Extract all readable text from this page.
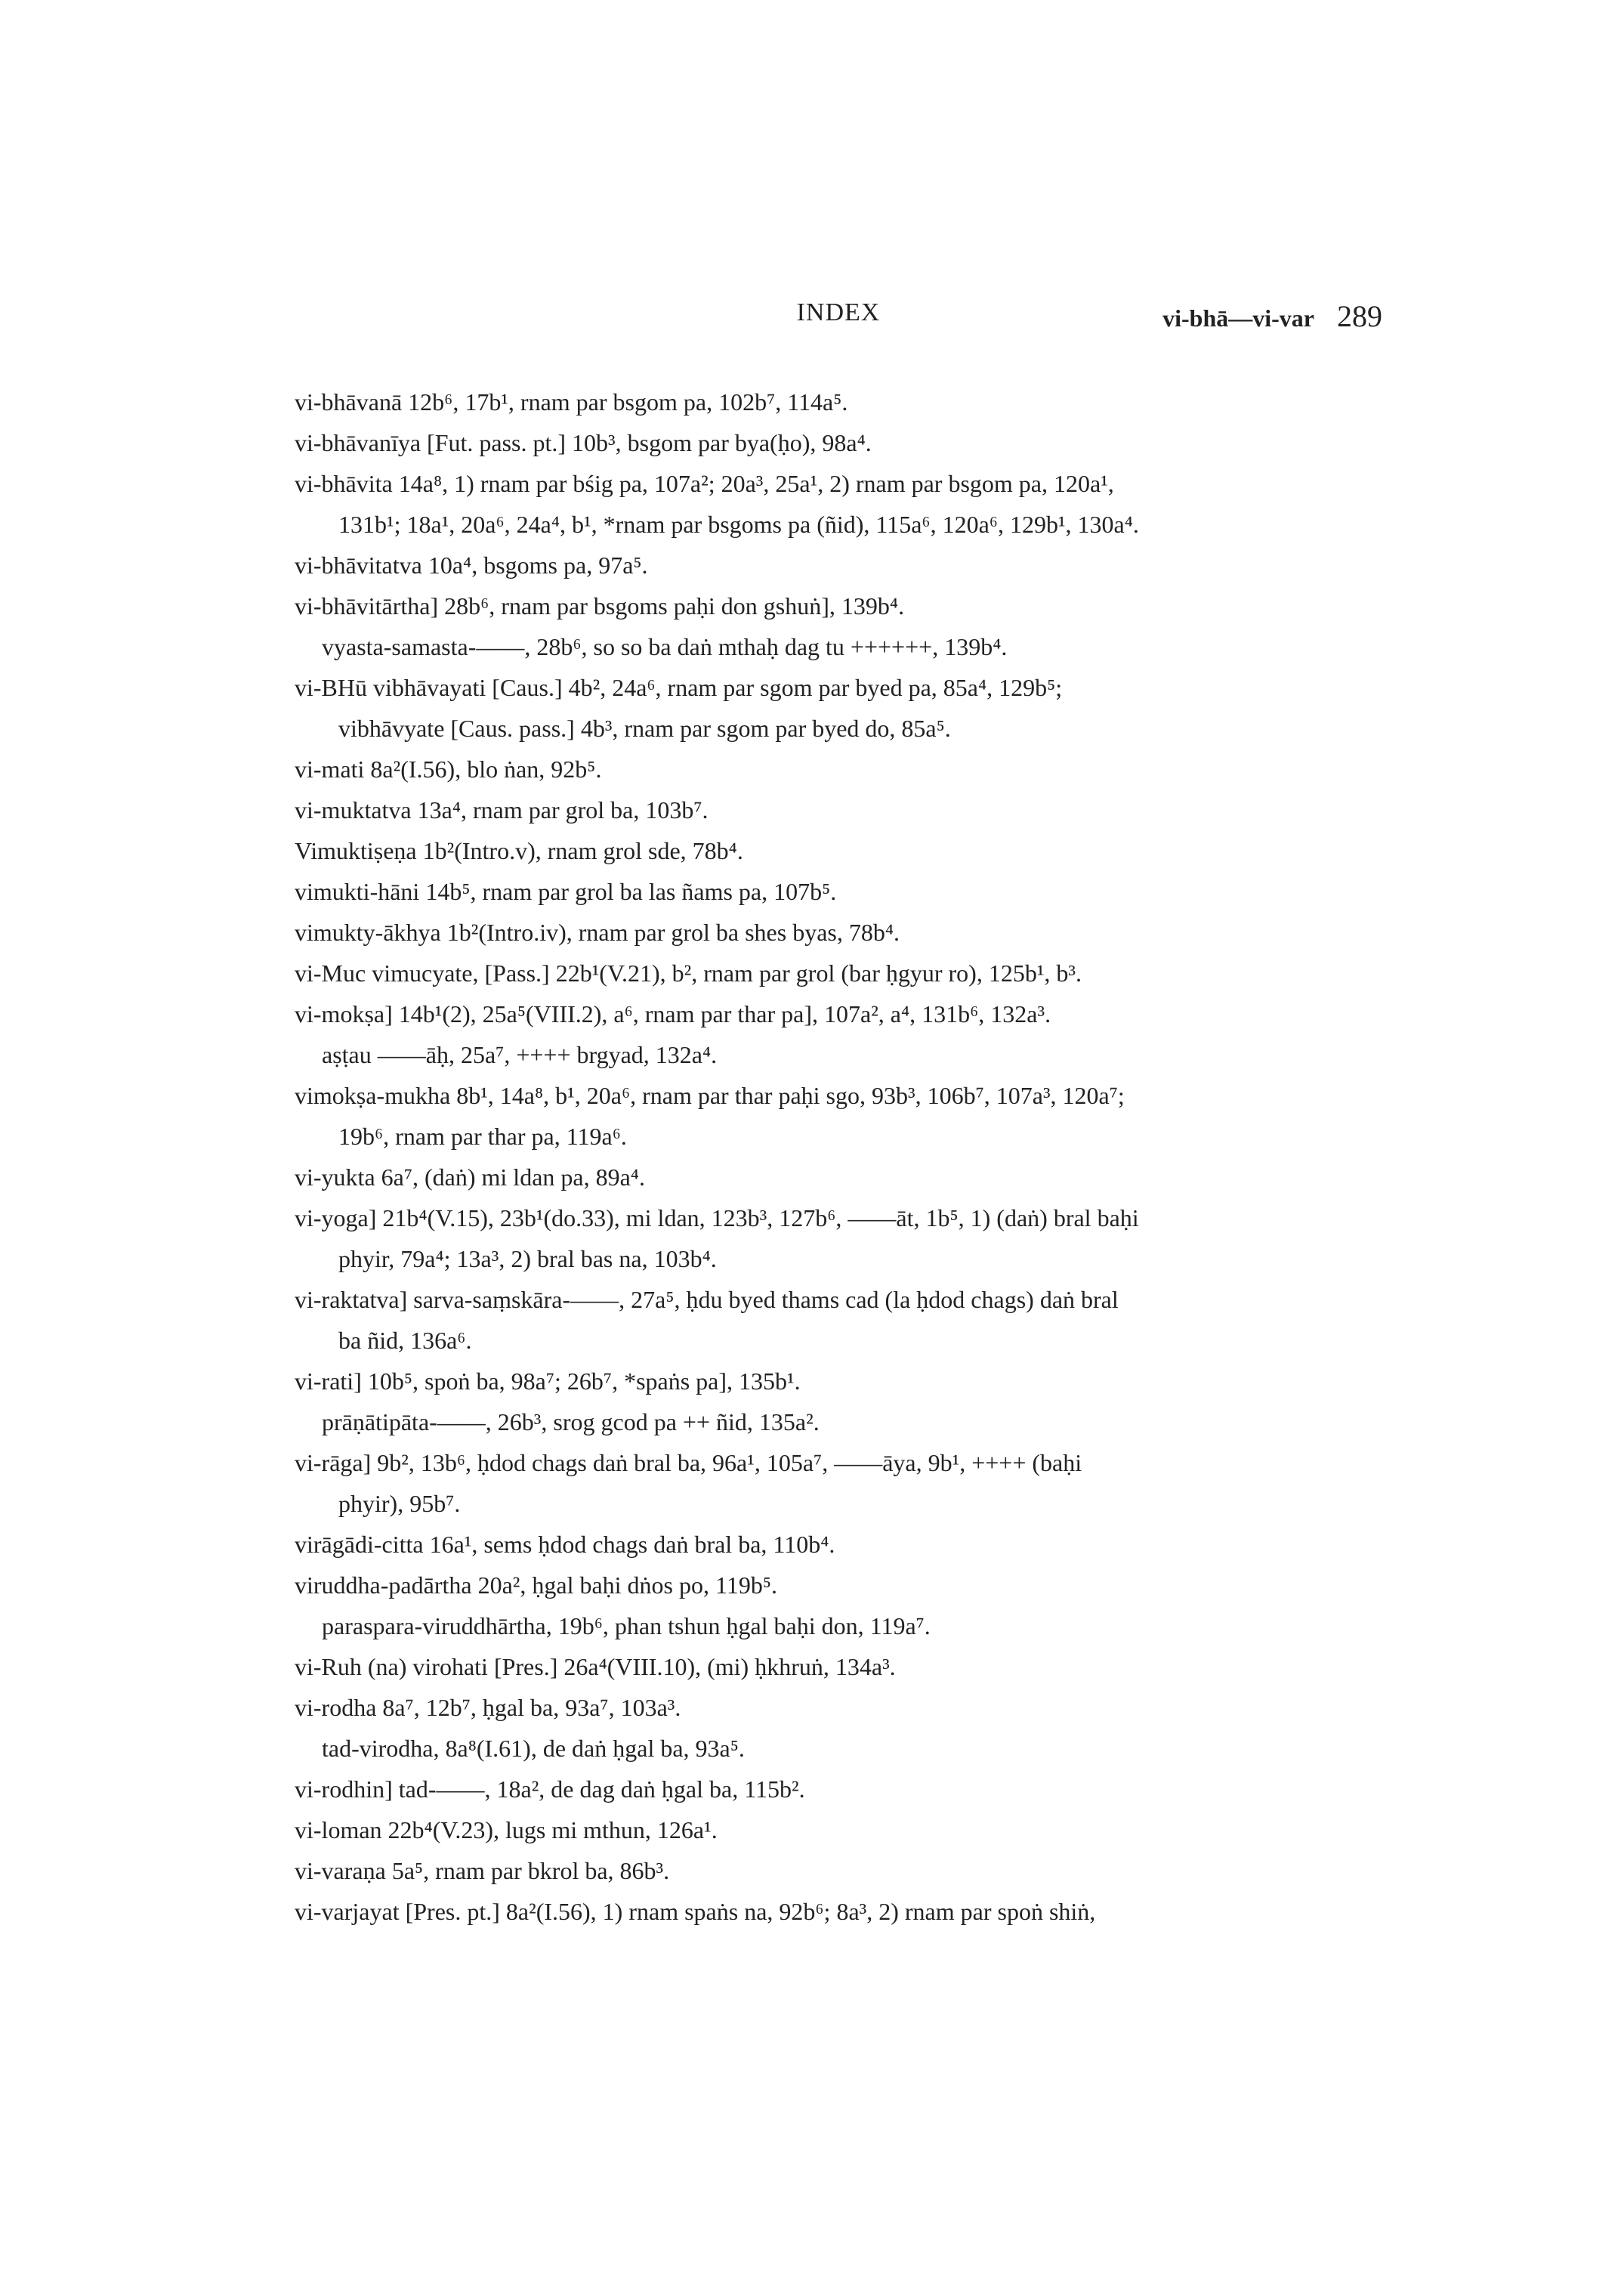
INDEX	vi-bhā—vi-var 289
vi-bhāvanā 12b⁶, 17b¹, rnam par bsgom pa, 102b⁷, 114a⁵.
vi-bhāvanīya [Fut. pass. pt.] 10b³, bsgom par bya(ḥo), 98a⁴.
vi-bhāvita 14a⁸, 1) rnam par bśig pa, 107a²; 20a³, 25a¹, 2) rnam par bsgom pa, 120a¹,
131b¹; 18a¹, 20a⁶, 24a⁴, b¹, *rnam par bsgoms pa (ñid), 115a⁶, 120a⁶, 129b¹, 130a⁴.
vi-bhāvitatva 10a⁴, bsgoms pa, 97a⁵.
vi-bhāvitārtha] 28b⁶, rnam par bsgoms paḥi don gshuṅ], 139b⁴.
vyasta-samasta-——, 28b⁶, so so ba daṅ mthaḥ dag tu ++++++, 139b⁴.
vi-BHū vibhāvayati [Caus.] 4b², 24a⁶, rnam par sgom par byed pa, 85a⁴, 129b⁵;
vibhāvyate [Caus. pass.] 4b³, rnam par sgom par byed do, 85a⁵.
vi-mati 8a²(I.56), blo ṅan, 92b⁵.
vi-muktatva 13a⁴, rnam par grol ba, 103b⁷.
Vimuktiṣeṇa 1b²(Intro.v), rnam grol sde, 78b⁴.
vimukti-hāni 14b⁵, rnam par grol ba las ñams pa, 107b⁵.
vimukty-ākhya 1b²(Intro.iv), rnam par grol ba shes byas, 78b⁴.
vi-Muc vimucyate, [Pass.] 22b¹(V.21), b², rnam par grol (bar ḥgyur ro), 125b¹, b³.
vi-mokṣa] 14b¹(2), 25a⁵(VIII.2), a⁶, rnam par thar pa], 107a², a⁴, 131b⁶, 132a³.
aṣṭau ——āḥ, 25a⁷, ++++ brgyad, 132a⁴.
vimokṣa-mukha 8b¹, 14a⁸, b¹, 20a⁶, rnam par thar paḥi sgo, 93b³, 106b⁷, 107a³, 120a⁷;
19b⁶, rnam par thar pa, 119a⁶.
vi-yukta 6a⁷, (daṅ) mi ldan pa, 89a⁴.
vi-yoga] 21b⁴(V.15), 23b¹(do.33), mi ldan, 123b³, 127b⁶, ——āt, 1b⁵, 1) (daṅ) bral baḥi
phyir, 79a⁴; 13a³, 2) bral bas na, 103b⁴.
vi-raktatva] sarva-saṃskāra-——, 27a⁵, ḥdu byed thams cad (la ḥdod chags) daṅ bral
ba ñid, 136a⁶.
vi-rati] 10b⁵, spoṅ ba, 98a⁷; 26b⁷, *spaṅs pa], 135b¹.
prāṇātipāta-——, 26b³, srog gcod pa ++ ñid, 135a².
vi-rāga] 9b², 13b⁶, ḥdod chags daṅ bral ba, 96a¹, 105a⁷, ——āya, 9b¹, ++++ (baḥi
phyir), 95b⁷.
virāgādi-citta 16a¹, sems ḥdod chags daṅ bral ba, 110b⁴.
viruddha-padārtha 20a², ḥgal baḥi dṅos po, 119b⁵.
paraspara-viruddhārtha, 19b⁶, phan tshun ḥgal baḥi don, 119a⁷.
vi-Ruh (na) virohati [Pres.] 26a⁴(VIII.10), (mi) ḥkhruṅ, 134a³.
vi-rodha 8a⁷, 12b⁷, ḥgal ba, 93a⁷, 103a³.
tad-virodha, 8a⁸(I.61), de daṅ ḥgal ba, 93a⁵.
vi-rodhin] tad-——, 18a², de dag daṅ ḥgal ba, 115b².
vi-loman 22b⁴(V.23), lugs mi mthun, 126a¹.
vi-varaṇa 5a⁵, rnam par bkrol ba, 86b³.
vi-varjayat [Pres. pt.] 8a²(I.56), 1) rnam spaṅs na, 92b⁶; 8a³, 2) rnam par spoṅ shiṅ,
